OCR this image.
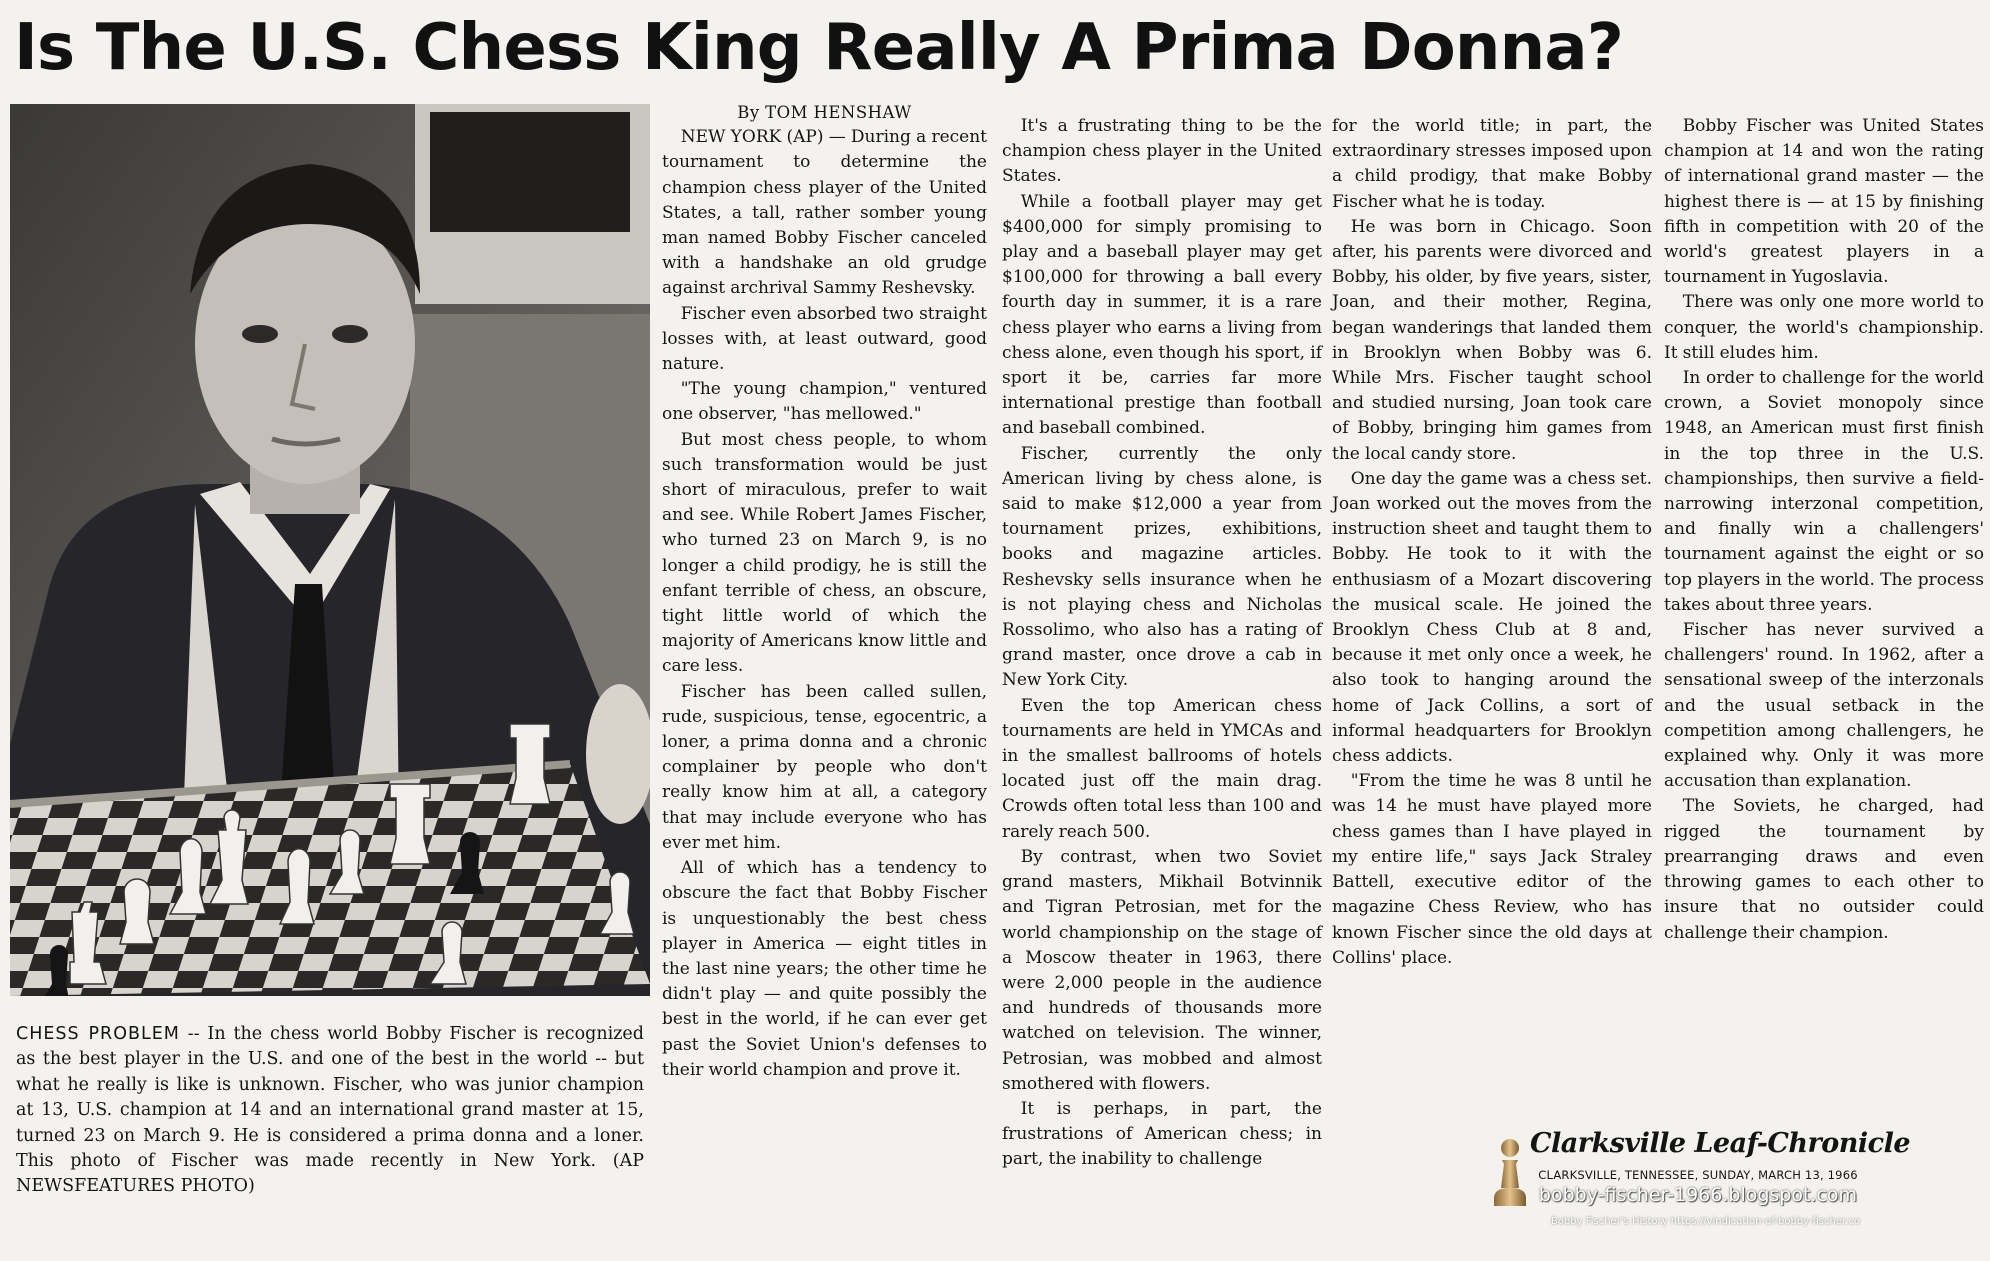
Is The U.S. Chess King Really A Prima Donna?

CHESS PROBLEM -- In the chess world Bobby Fischer is recognized as the best player in the U.S. and one of the best in the world -- but what he really is like is unknown. Fischer, who was junior champion at 13, U.S. champion at 14 and an international grand master at 15, turned 23 on March 9. He is considered a prima donna and a loner. This photo of Fischer was made recently in New York. (AP NEWSFEATURES PHOTO)

By TOM HENSHAW

NEW YORK (AP) — During a recent tournament to determine the champion chess player of the United States, a tall, rather somber young man named Bobby Fischer canceled with a handshake an old grudge against archrival Sammy Reshevsky.

Fischer even absorbed two straight losses with, at least outward, good nature.

"The young champion," ventured one observer, "has mellowed."

But most chess people, to whom such transformation would be just short of miraculous, prefer to wait and see. While Robert James Fischer, who turned 23 on March 9, is no longer a child prodigy, he is still the enfant terrible of chess, an obscure, tight little world of which the majority of Americans know little and care less.

Fischer has been called sullen, rude, suspicious, tense, egocentric, a loner, a prima donna and a chronic complainer by people who don't really know him at all, a category that may include everyone who has ever met him.

All of which has a tendency to obscure the fact that Bobby Fischer is unquestionably the best chess player in America — eight titles in the last nine years; the other time he didn't play — and quite possibly the best in the world, if he can ever get past the Soviet Union's defenses to their world champion and prove it.

It's a frustrating thing to be the champion chess player in the United States.

While a football player may get $400,000 for simply promising to play and a baseball player may get $100,000 for throwing a ball every fourth day in summer, it is a rare chess player who earns a living from chess alone, even though his sport, if sport it be, carries far more international prestige than football and baseball combined.

Fischer, currently the only American living by chess alone, is said to make $12,000 a year from tournament prizes, exhibitions, books and magazine articles. Reshevsky sells insurance when he is not playing chess and Nicholas Rossolimo, who also has a rating of grand master, once drove a cab in New York City.

Even the top American chess tournaments are held in YMCAs and in the smallest ballrooms of hotels located just off the main drag. Crowds often total less than 100 and rarely reach 500.

By contrast, when two Soviet grand masters, Mikhail Botvinnik and Tigran Petrosian, met for the world championship on the stage of a Moscow theater in 1963, there were 2,000 people in the audience and hundreds of thousands more watched on television. The winner, Petrosian, was mobbed and almost smothered with flowers.

It is perhaps, in part, the frustrations of American chess; in part, the inability to challenge

for the world title; in part, the extraordinary stresses imposed upon a child prodigy, that make Bobby Fischer what he is today.

He was born in Chicago. Soon after, his parents were divorced and Bobby, his older, by five years, sister, Joan, and their mother, Regina, began wanderings that landed them in Brooklyn when Bobby was 6. While Mrs. Fischer taught school and studied nursing, Joan took care of Bobby, bringing him games from the local candy store.

One day the game was a chess set. Joan worked out the moves from the instruction sheet and taught them to Bobby. He took to it with the enthusiasm of a Mozart discovering the musical scale. He joined the Brooklyn Chess Club at 8 and, because it met only once a week, he also took to hanging around the home of Jack Collins, a sort of informal headquarters for Brooklyn chess addicts.

"From the time he was 8 until he was 14 he must have played more chess games than I have played in my entire life," says Jack Straley Battell, executive editor of the magazine Chess Review, who has known Fischer since the old days at Collins' place.

Bobby Fischer was United States champion at 14 and won the rating of international grand master — the highest there is — at 15 by finishing fifth in competition with 20 of the world's greatest players in a tournament in Yugoslavia.

There was only one more world to conquer, the world's championship. It still eludes him.

In order to challenge for the world crown, a Soviet monopoly since 1948, an American must first finish in the top three in the U.S. championships, then survive a field-narrowing interzonal competition, and finally win a challengers' tournament against the eight or so top players in the world. The process takes about three years.

Fischer has never survived a challengers' round. In 1962, after a sensational sweep of the interzonals and the usual setback in the competition among challengers, he explained why. Only it was more accusation than explanation.

The Soviets, he charged, had rigged the tournament by prearranging draws and even throwing games to each other to insure that no outsider could challenge their champion.

Clarksville Leaf-Chronicle
CLARKSVILLE, TENNESSEE, SUNDAY, MARCH 13, 1966
bobby-fischer-1966.blogspot.com
Bobby Fischer's History https://vindication-of-bobby-fischer.co
